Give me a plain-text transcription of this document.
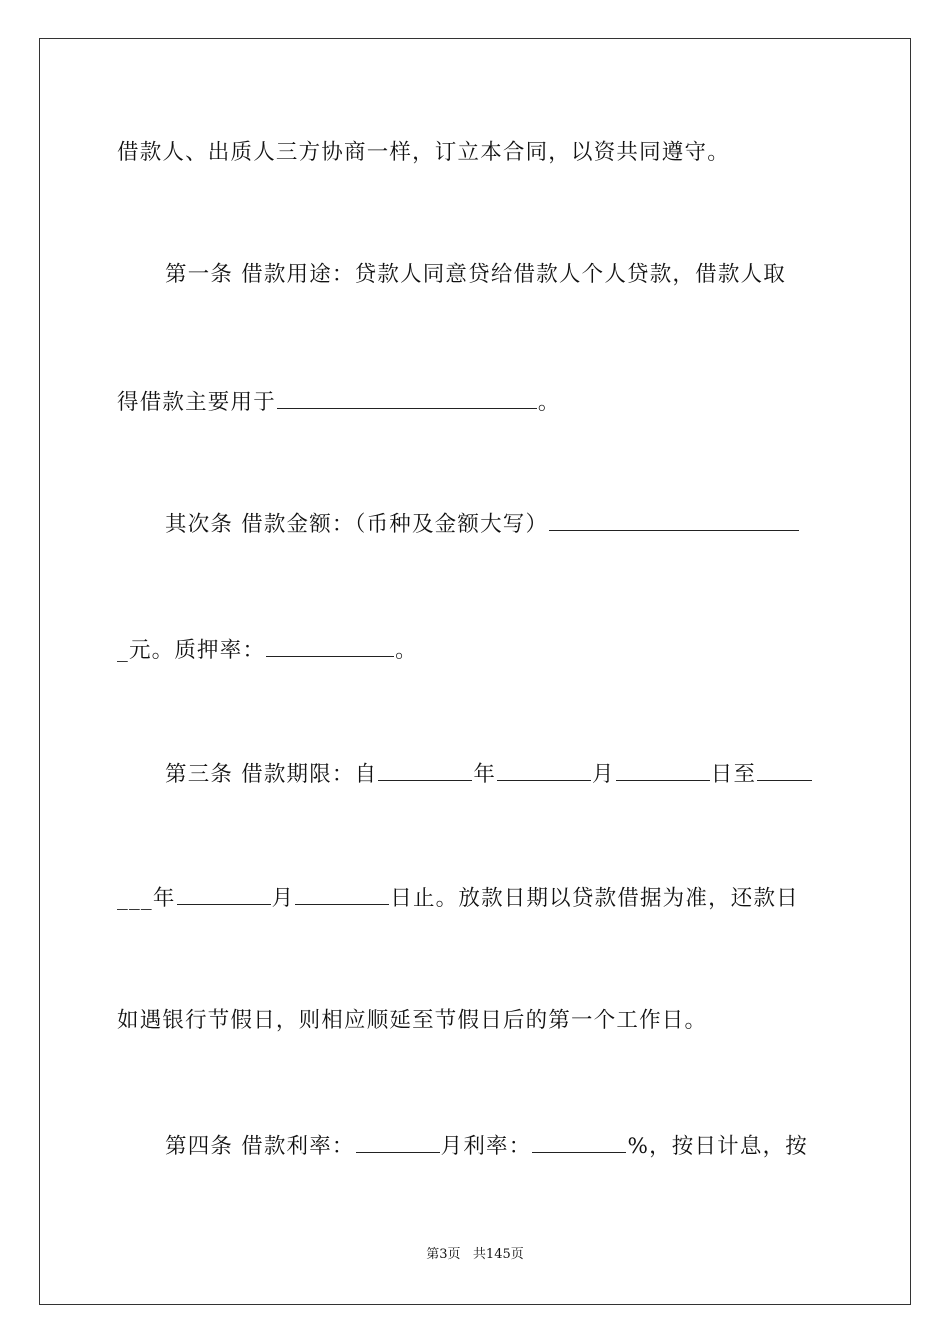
借款人、出质人三方协商一样，订立本合同，以资共同遵守。
第一条 借款用途：贷款人同意贷给借款人个人贷款，借款人取
得借款主要用于	。
其次条 借款金额：（币种及金额大写）
_元。质押率：	。
第三条 借款期限：自	年	月	日至
___年	月	日止。放款日期以贷款借据为准，还款日
如遇银行节假日，则相应顺延至节假日后的第一个工作日。
第四条 借款利率：	月利率：	%，按日计息，按
第3页 共145页
